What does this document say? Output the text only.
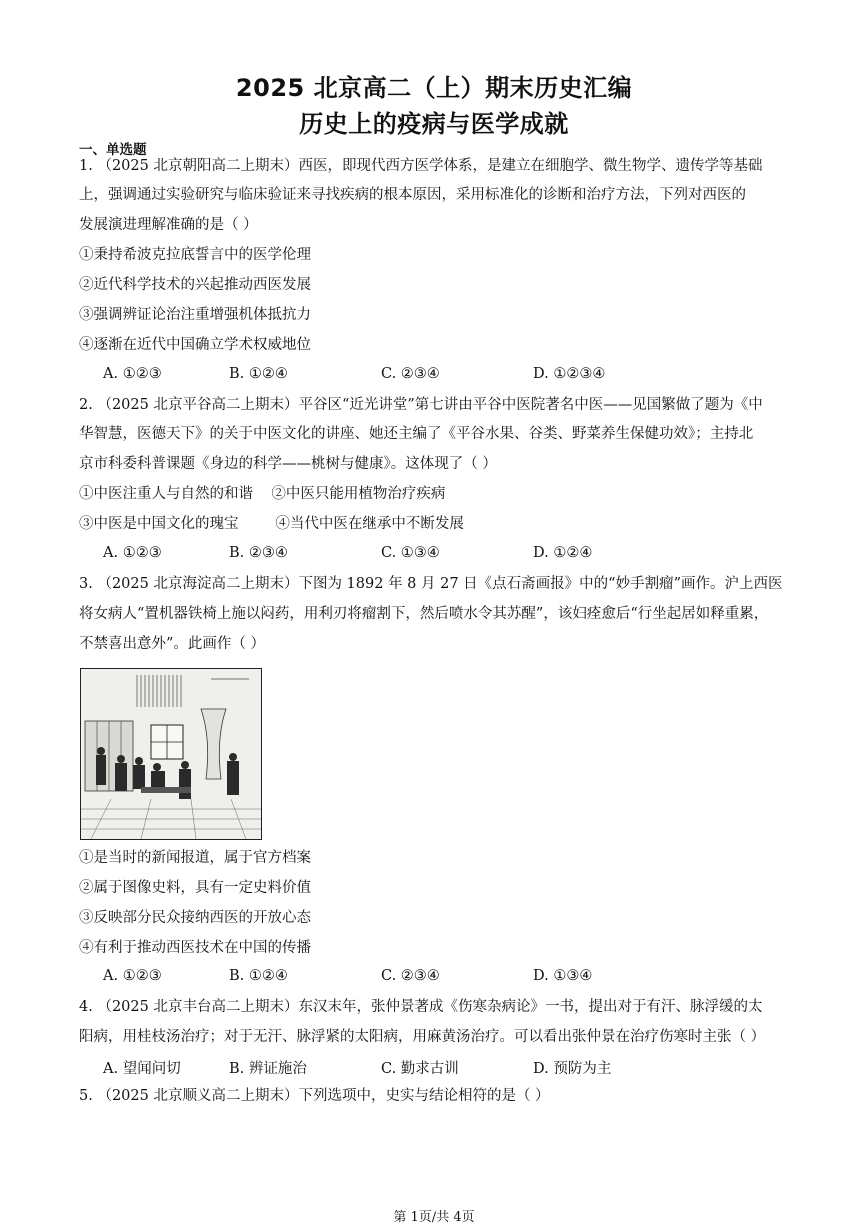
2025 北京高二（上）期末历史汇编
历史上的疫病与医学成就
一、单选题
1. （2025 北京朝阳高二上期末）西医，即现代西方医学体系，是建立在细胞学、微生物学、遗传学等基础
上，强调通过实验研究与临床验证来寻找疾病的根本原因，采用标准化的诊断和治疗方法，下列对西医的
发展演进理解准确的是（ ）
①秉持希波克拉底誓言中的医学伦理
②近代科学技术的兴起推动西医发展
③强调辨证论治注重增强机体抵抗力
④逐渐在近代中国确立学术权威地位
A. ①②③	B. ①②④	C. ②③④	D. ①②③④
2. （2025 北京平谷高二上期末）平谷区“近光讲堂”第七讲由平谷中医院著名中医——见国繁做了题为《中
华智慧，医德天下》的关于中医文化的讲座、她还主编了《平谷水果、谷类、野菜养生保健功效》；主持北
京市科委科普课题《身边的科学——桃树与健康》。这体现了（ ）
①中医注重人与自然的和谐    ②中医只能用植物治疗疾病
③中医是中国文化的瑰宝        ④当代中医在继承中不断发展
A. ①②③	B. ②③④	C. ①③④	D. ①②④
3. （2025 北京海淀高二上期末）下图为 1892 年 8 月 27 日《点石斋画报》中的“妙手割瘤”画作。沪上西医
将女病人“置机器铁椅上施以闷药，用利刃将瘤割下，然后喷水令其苏醒”，该妇痊愈后“行坐起居如释重累，
不禁喜出意外”。此画作（ ）
①是当时的新闻报道，属于官方档案
②属于图像史料，具有一定史料价值
③反映部分民众接纳西医的开放心态
④有利于推动西医技术在中国的传播
A. ①②③	B. ①②④	C. ②③④	D. ①③④
4. （2025 北京丰台高二上期末）东汉末年，张仲景著成《伤寒杂病论》一书，提出对于有汗、脉浮缓的太
阳病，用桂枝汤治疗；对于无汗、脉浮紧的太阳病，用麻黄汤治疗。可以看出张仲景在治疗伤寒时主张（ ）
A. 望闻问切	B. 辨证施治	C. 勤求古训	D. 预防为主
5. （2025 北京顺义高二上期末）下列选项中，史实与结论相符的是（ ）
第 1页/共 4页
